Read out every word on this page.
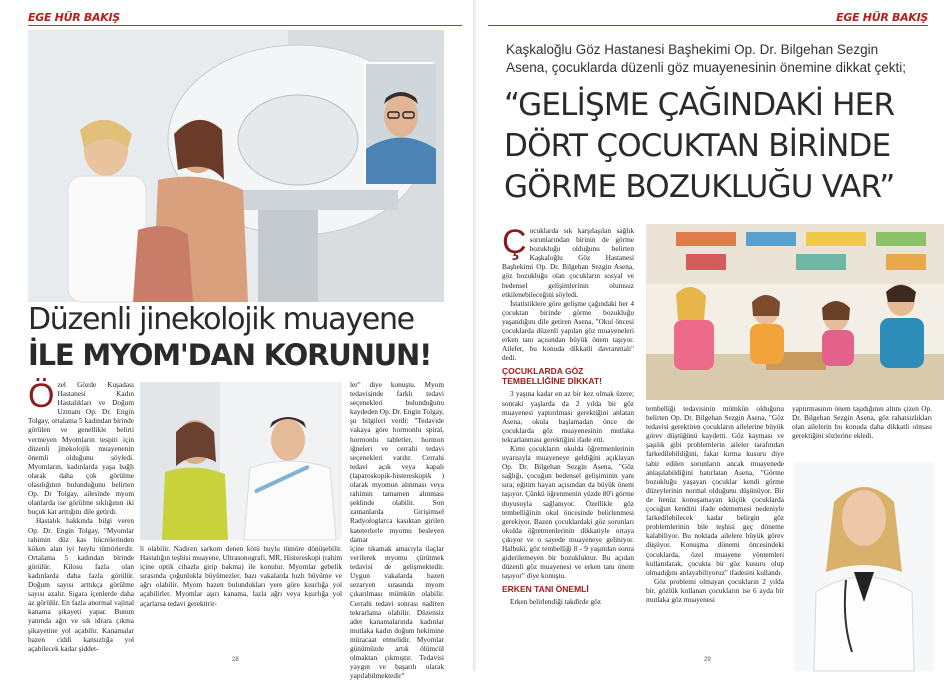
EGE HÜR BAKIŞ
Düzenli jinekolojik muayene
İLE MYOM'DAN KORUNUN!
Ö zel Gözde Kuşadası Hastanesi Kadın Hastalıkları ve Doğum Uzmanı Op. Dr. Engin Tolgay, ortalama 5 kadından birinde görülen ve genellikle belirti vermeyen Myomların tespiti için düzenli jinekolojik muayenenin önemli olduğunu söyledi. Myomların, kadınlarda yaşa bağlı olarak daha çok görülme olasılığının bulunduğunu belirten Op. Dr Tolgay, ailesinde myom olanlarda ise görülme sıklığının iki buçuk kat arttığını dile getirdi.

Hastalık hakkında bilgi veren Op. Dr. Engin Tolgay, "Myomlar rahimin düz kas hücrelerinden köken alan iyi huylu tümörlerdir. Ortalama 5 kadından birinde görülür. Kilosu fazla olan kadınlarda daha fazla görülür. Doğum sayısı arttıkça görülme sayısı azalır. Sigara içenlerde daha az görülür. En fazla anormal vajinal kanama şikayeti yapar. Bunun yanında ağrı ve sık idrara çıkma şikayetine yol açabilir. Kanamalar bazen ciddi kansızlığa yol açabilecek kadar şiddet-

li olabilir. Nadiren sarkom denen kötü huylu tümöre dönüşebilir. Hastalığın teşhisi muayene, Ultrasonografi, MR, Histereskopi (rahim içine optik cihazla girip bakma) ile konulur. Myomlar gebelik sırasında çoğunlukla büyümezler, bazı vakalarda hızlı büyüme ve ağrı olabilir. Myom bazen bulundukları yere göre kısırlığa yol açabilirler. Myomlar aşırı kanama, fazla ağrı veya kısırlığa yol açarlarsa tedavi gerektirir-

ler" diye konuştu. Myom tedavisinde farklı tedavi seçenekleri bulunduğunu kaydeden Op. Dr. Engin Tolgay, şu bilgileri verdi: "Tedavide vakaya göre hormonlu spiral, hormonlu tabletler, hormon iğneleri ve cerrahi tedavi seçenekleri vardır. Cerrahi tedavi açık veya kapalı (laparoskopik-histereskopik ) olarak myomun alınması veya rahimin tamamen alınması şeklinde olabilir. Son zamanlarda Girişimsel Radyologlarca kasıktan girilen kateterlerle myomu besleyen damar

içine tıkamak amacıyla ilaçlar verilerek myomu çürütmek tedavisi de gelişmektedir. Uygun vakalarda bazen sezaryen sırasında myom çıkarılması mümkün olabilir. Cerrahi tedavi sonrası nadiren tekrarlama olabilir. Düzensiz adet kanamalarında kadınlar mutlaka kadın doğum hekimine müracaat etmelidir. Myomlar günümüzde artık ölümcül olmaktan çıkmıştır. Tedavisi yaygın ve başarılı olarak yapılabilmektedir"

28
EGE HÜR BAKIŞ
Kaşkaloğlu Göz Hastanesi Başhekimi Op. Dr. Bilgehan Sezgin
Asena, çocuklarda düzenli göz muayenesinin önemine dikkat çekti;
“GELİŞME ÇAĞINDAKİ HER
DÖRT ÇOCUKTAN BİRİNDE
GÖRME BOZUKLUĞU VAR”
Ç ocuklarda sık karşılaşılan sağlık sorunlarından birinin de görme bozukluğu olduğunu belirten Kaşkaloğlu Göz Hastanesi Başhekimi Op. Dr. Bilgehan Sezgin Asena, göz bozukluğu olan çocukların sosyal ve bedensel gelişimlerinin olumsuz etkilenebileceğini söyledi.

İstatistiklere göre gelişme çağındaki her 4 çocuktan birinde görme bozukluğu yaşandığını dile getiren Asena, "Okul öncesi çocuklarda düzenli yapılan göz muayeneleri erken tanı açısından büyük önem taşıyor. Aileler, bu konuda dikkatli davranmalı" dedi.

ÇOCUKLARDA GÖZ
TEMBELLİĞİNE DİKKAT!

3 yaşına kadar en az bir kez olmak üzere; sonraki yaşlarda da 2 yılda bir göz muayenesi yaptırılması gerektiğini anlatan Asena, okula başlamadan önce de çocuklarda göz muayenesinin mutlaka tekrarlanması gerektiğini ifade etti.

Kimi çocukların okulda öğretmenlerinin uyarısıyla muayeneye geldiğini açıklayan Op. Dr. Bilgehan Sezgin Asena, "Göz sağlığı, çocuğun bedensel gelişiminin yanı sıra; eğitim hayatı açısından da büyük önem taşıyor. Çünkü öğrenmenin yüzde 80'i görme duyusuyla sağlanıyor. Özellikle göz tembelliğinin okul öncesinde belirlenmesi gerekiyor. Bazen çocuklardaki göz sorunları okulda öğretmenlerinin dikkatiyle ortaya çıkıyor ve o sayede muayeneye geliniyor. Halbuki, göz tembelliği 8 - 9 yaşından sonra giderilemeyen bir bozukluktur. Bu açıdan düzenli göz muayenesi ve erken tanı önem taşıyor" diye konuştu.

ERKEN TANI ÖNEMLİ

Erken belirlendiği takdirde göz

tembelliği tedavisinin mümkün olduğunu belirten Op. Dr. Bilgehan Sezgin Asena, "Göz tedavisi gerektiren çocukların ailelerine büyük görev düştüğünü kaydetti. Göz kayması ve şaşılık gibi problemlerin aileler tarafından farkedilebildiğini, fakat kırma kusuru diye tabir edilen sorunların ancak muayenede anlaşılabildiğini hatırlatan Asena, "Görme bozukluğu yaşayan çocuklar kendi görme düzeylerinin normal olduğunu düşünüyor. Bir de henüz konuşamayan küçük çocuklarda çocuğun kendini ifade edememesi nedeniyle farkedilebilecek kadar belirgin göz problemlerinin bile teşhisi geç döneme kalabiliyor. Bu noktada ailelere büyük görev düşüyor. Konuşma dönemi öncesindeki çocuklarda, özel muayene yöntemleri kullanılarak, çocukta bir göz kusuru olup olmadığını anlayabiliyoruz" ifadesini kullandı.

Göz problemi olmayan çocukların 2 yılda bir, gözlük kullanan çocukların ise 6 ayda bir mutlaka göz muayenesi

yaptırmasının önem taşıdığının altını çizen Op. Dr. Bilgehan Sezgin Asena, göz rahatsızlıkları olan ailelerin bu konuda daha dikkatli olması gerektiğini sözlerine ekledi.

29
